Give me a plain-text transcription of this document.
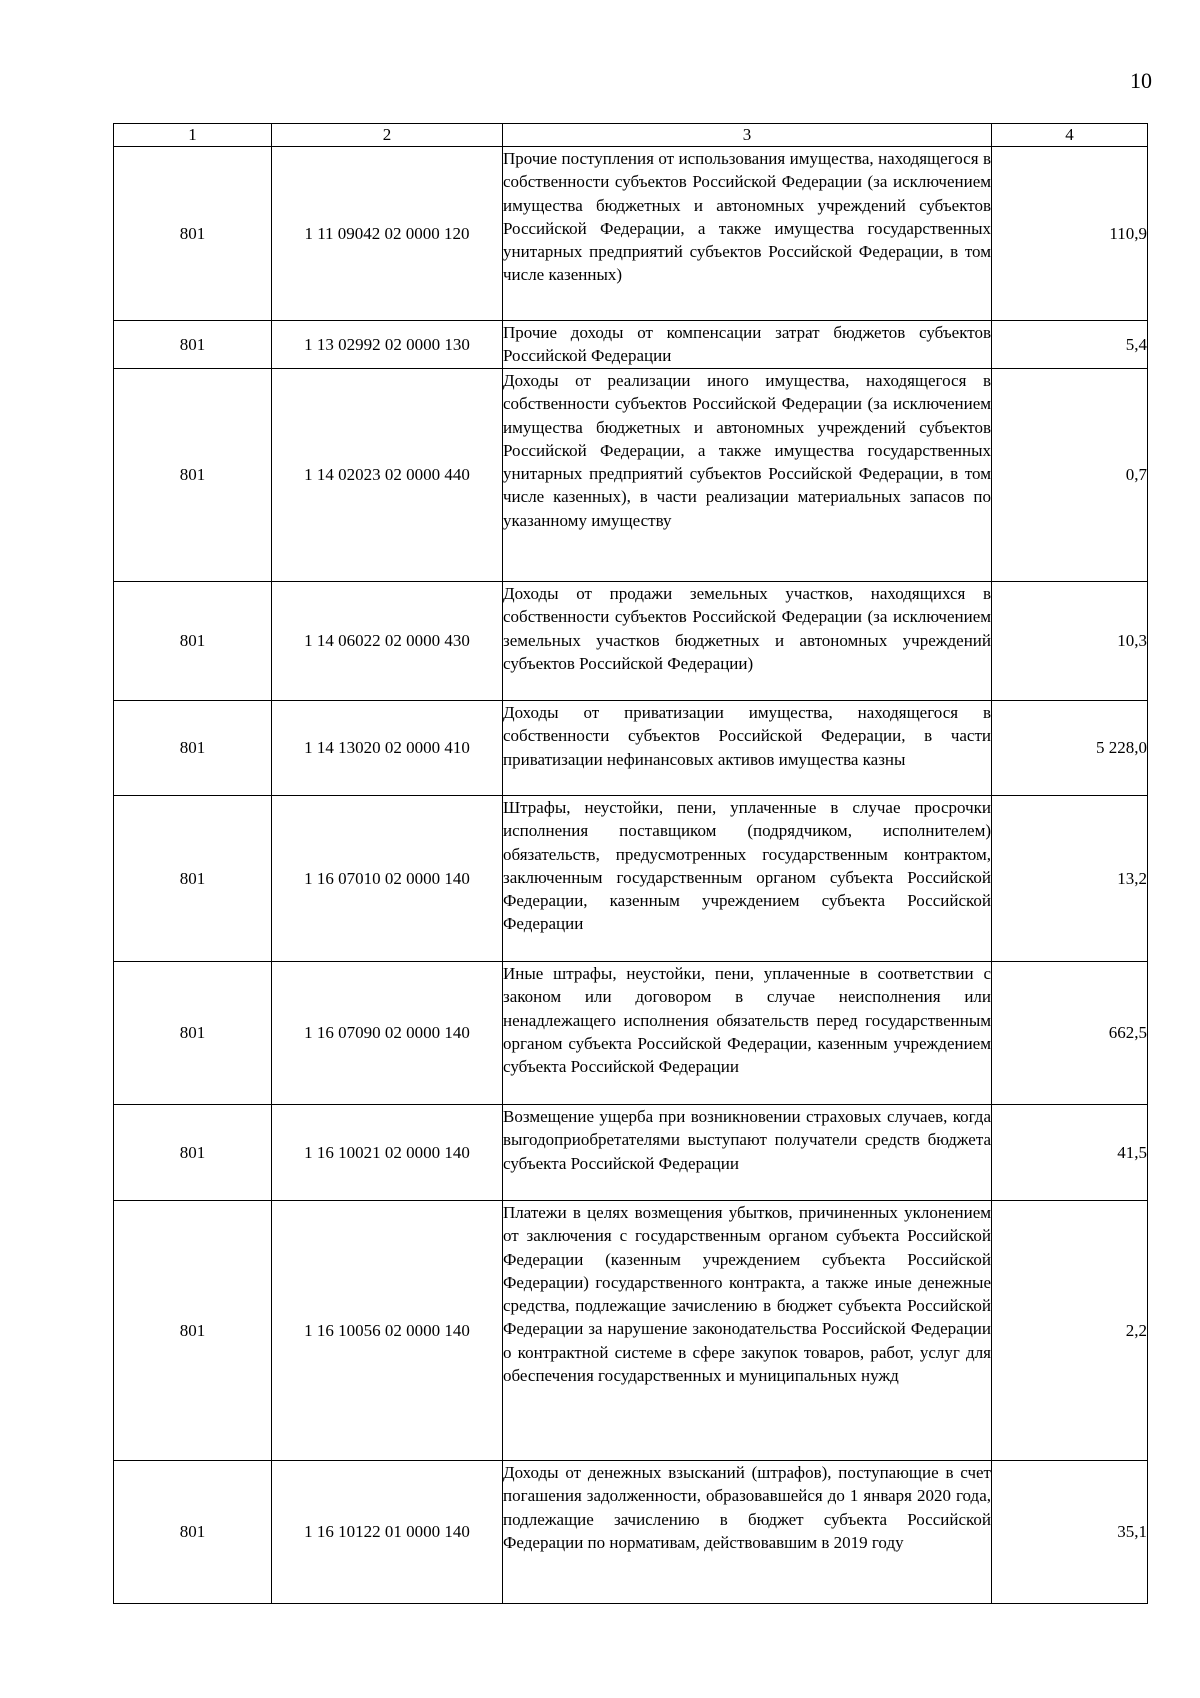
10
1	2	3	4
801	1 11 09042 02 0000 120	Прочие поступления от использования имущества, находящегося в собственности субъектов Российской Федерации (за исключением имущества бюджетных и автономных учреждений субъектов Российской Федерации, а также имущества государственных унитарных предприятий субъектов Российской Федерации, в том числе казенных)	110,9
801	1 13 02992 02 0000 130	Прочие доходы от компенсации затрат бюджетов субъектов Российской Федерации	5,4
801	1 14 02023 02 0000 440	Доходы от реализации иного имущества, находящегося в собственности субъектов Российской Федерации (за исключением имущества бюджетных и автономных учреждений субъектов Российской Федерации, а также имущества государственных унитарных предприятий субъектов Российской Федерации, в том числе казенных), в части реализации материальных запасов по указанному имуществу	0,7
801	1 14 06022 02 0000 430	Доходы от продажи земельных участков, находящихся в собственности субъектов Российской Федерации (за исключением земельных участков бюджетных и автономных учреждений субъектов Российской Федерации)	10,3
801	1 14 13020 02 0000 410	Доходы от приватизации имущества, находящегося в собственности субъектов Российской Федерации, в части приватизации нефинансовых активов имущества казны	5 228,0
801	1 16 07010 02 0000 140	Штрафы, неустойки, пени, уплаченные в случае просрочки исполнения поставщиком (подрядчиком, исполнителем) обязательств, предусмотренных государственным контрактом, заключенным государственным органом субъекта Российской Федерации, казенным учреждением субъекта Российской Федерации	13,2
801	1 16 07090 02 0000 140	Иные штрафы, неустойки, пени, уплаченные в соответствии с законом или договором в случае неисполнения или ненадлежащего исполнения обязательств перед государственным органом субъекта Российской Федерации, казенным учреждением субъекта Российской Федерации	662,5
801	1 16 10021 02 0000 140	Возмещение ущерба при возникновении страховых случаев, когда выгодоприобретателями выступают получатели средств бюджета субъекта Российской Федерации	41,5
801	1 16 10056 02 0000 140	Платежи в целях возмещения убытков, причиненных уклонением от заключения с государственным органом субъекта Российской Федерации (казенным учреждением субъекта Российской Федерации) государственного контракта, а также иные денежные средства, подлежащие зачислению в бюджет субъекта Российской Федерации за нарушение законодательства Российской Федерации о контрактной системе в сфере закупок товаров, работ, услуг для обеспечения государственных и муниципальных нужд	2,2
801	1 16 10122 01 0000 140	Доходы от денежных взысканий (штрафов), поступающие в счет погашения задолженности, образовавшейся до 1 января 2020 года, подлежащие зачислению в бюджет субъекта Российской Федерации по нормативам, действовавшим в 2019 году	35,1
